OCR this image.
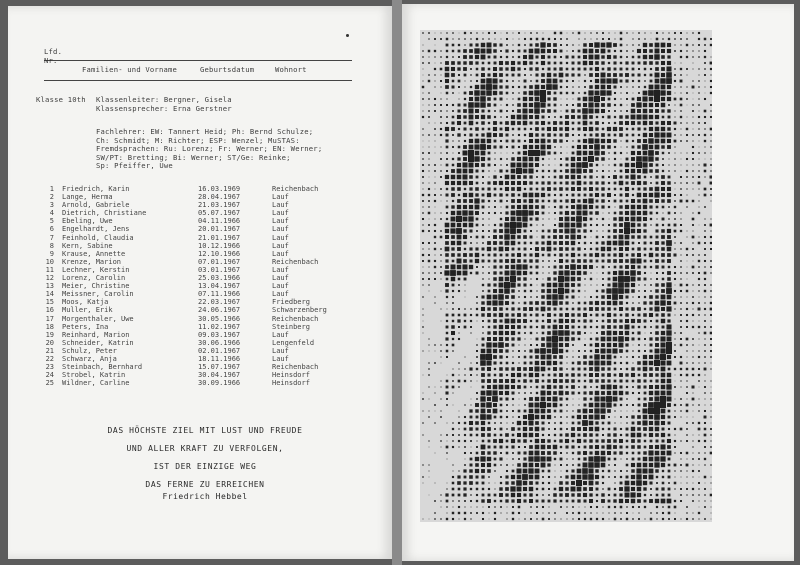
Lfd. Nr.
Familien- und Vorname	Geburtsdatum	Wohnort
Klasse 10th Klassenleiter: Bergner, Gisela
Klassensprecher: Erna Gerstner
Fachlehrer: EW: Tannert Heid; Ph: Bernd Schulze;
Ch: Schmidt; M: Richter; ESP: Wenzel; MuSTAS:
Fremdsprachen: Ru: Lorenz; Fr: Werner; EN: Werner;
SW/PT: Bretting; Bi: Werner; ST/Ge: Reinke;
Sp: Pfeiffer, Uwe
1 Friedrich, Karin	16.03.1969	Reichenbach
2 Lange, Herma	28.04.1967	Lauf
3 Arnold, Gabriele	21.03.1967	Lauf
4 Dietrich, Christiane	05.07.1967	Lauf
5 Ebeling, Uwe	04.11.1966	Lauf
6 Engelhardt, Jens	20.01.1967	Lauf
7 Feinhold, Claudia	21.01.1967	Lauf
8 Kern, Sabine	10.12.1966	Lauf
9 Krause, Annette	12.10.1966	Lauf
10 Krenze, Marion	07.01.1967	Reichenbach
11 Lechner, Kerstin	03.01.1967	Lauf
12 Lorenz, Carolin	25.03.1966	Lauf
13 Meier, Christine	13.04.1967	Lauf
14 Meissner, Carolin	07.11.1966	Lauf
15 Moos, Katja	22.03.1967	Friedberg
16 Muller, Erik	24.06.1967	Schwarzenberg
17 Morgenthaler, Uwe	30.05.1966	Reichenbach
18 Peters, Ina	11.02.1967	Steinberg
19 Reinhard, Marion	09.03.1967	Lauf
20 Schneider, Katrin	30.06.1966	Lengenfeld
21 Schulz, Peter	02.01.1967	Lauf
22 Schwarz, Anja	18.11.1966	Lauf
23 Steinbach, Bernhard	15.07.1967	Reichenbach
24 Strobel, Katrin	30.04.1967	Heinsdorf
25 Wildner, Carline	30.09.1966	Heinsdorf
DAS HÖCHSTE ZIEL MIT LUST UND FREUDE
UND ALLER KRAFT ZU VERFOLGEN,
IST DER EINZIGE WEG
DAS FERNE ZU ERREICHEN
Friedrich Hebbel
